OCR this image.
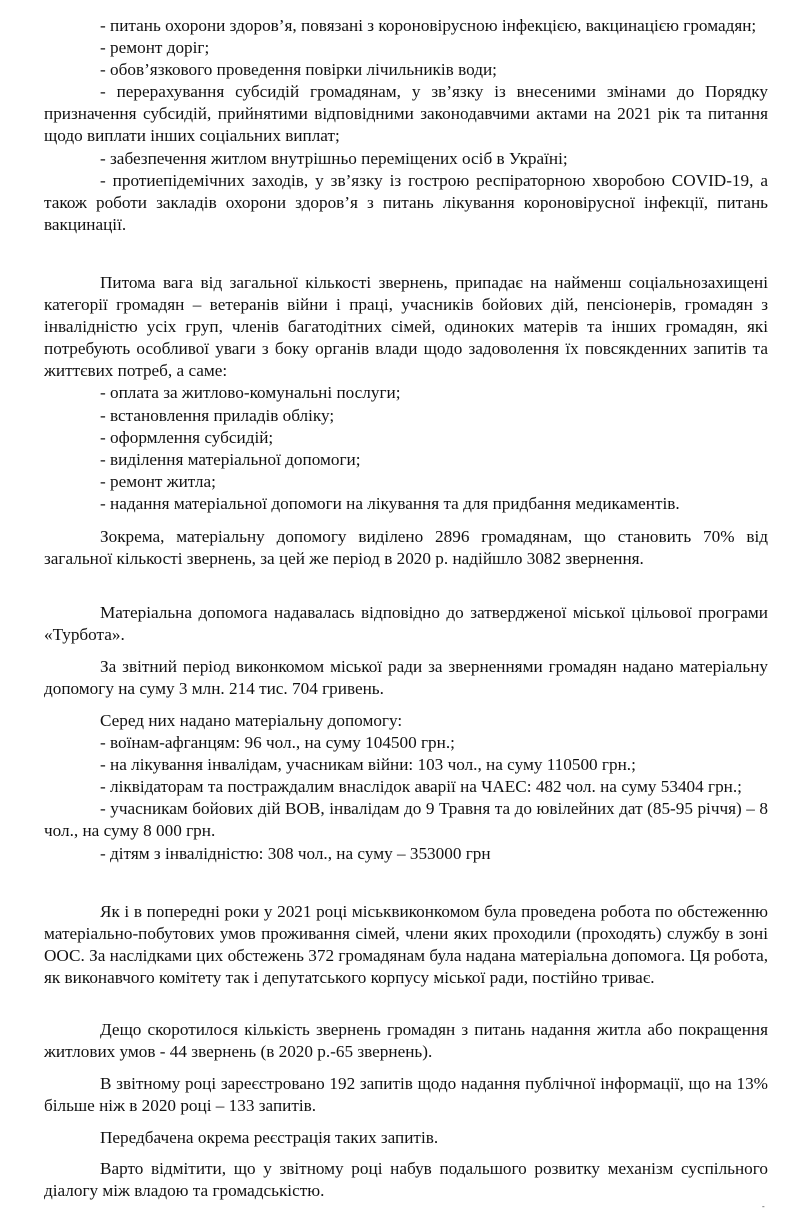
- питань охорони здоров’я, повязані з короновірусною інфекцією, вакцинацією громадян;

- ремонт доріг;

- обов’язкового проведення повірки лічильників води;

- перерахування субсидій громадянам, у зв’язку із внесеними змінами до Порядку призначення субсидій, прийнятими відповідними законодавчими актами на 2021 рік та питання щодо виплати інших соціальних виплат;

- забезпечення житлом внутрішньо переміщених осіб в Україні;

- протиепідемічних заходів, у зв’язку із гострою респіраторною хворобою COVID-19, а також роботи закладів охорони здоров’я з питань лікування короновірусної інфекції, питань вакцинації.

Питома вага від загальної кількості звернень, припадає на найменш соціальнозахищені категорії громадян – ветеранів війни і праці, учасників бойових дій, пенсіонерів, громадян з інвалідністю усіх груп, членів багатодітних сімей, одиноких матерів та інших громадян, які потребують особливої уваги з боку органів влади щодо задоволення їх повсякденних запитів та життєвих потреб, а саме:

- оплата за житлово-комунальні послуги;

- встановлення приладів обліку;

- оформлення субсидій;

- виділення матеріальної допомоги;

- ремонт житла;

- надання матеріальної допомоги на лікування та для придбання медикаментів.

Зокрема, матеріальну допомогу виділено 2896 громадянам, що становить 70% від загальної кількості звернень, за цей же період в 2020 р. надійшло 3082 звернення.

Матеріальна допомога надавалась відповідно до затвердженої міської цільової програми «Турбота».

За звітний період виконкомом міської ради за зверненнями громадян надано матеріальну допомогу на суму 3 млн. 214 тис. 704 гривень.

Серед них надано матеріальну допомогу:

- воїнам-афганцям: 96 чол., на суму 104500 грн.;

- на лікування інвалідам, учасникам війни: 103 чол., на суму 110500 грн.;

- ліквідаторам та постраждалим внаслідок аварії на ЧАЕС: 482 чол. на суму 53404 грн.;

- учасникам бойових дій ВОВ, інвалідам до 9 Травня та до ювілейних дат (85-95 річчя) – 8 чол., на суму 8 000 грн.

- дітям з інвалідністю: 308 чол., на суму – 353000 грн

Як і в попередні роки у 2021 році міськвиконкомом була проведена робота по обстеженню матеріально-побутових умов проживання сімей, члени яких проходили (проходять) службу в зоні ООС. За наслідками цих обстежень 372 громадянам була надана матеріальна допомога. Ця робота, як виконавчого комітету так і депутатського корпусу міської ради, постійно триває.

Дещо скоротилося кількість звернень громадян з питань надання житла або покращення житлових умов - 44 звернень (в 2020 р.-65 звернень).

В звітному році зареєстровано 192 запитів щодо надання публічної інформації, що на 13% більше ніж в 2020 році – 133 запитів.

Передбачена окрема реєстрація таких запитів.

Варто відмітити, що у звітному році набув подальшого розвитку механізм суспільного діалогу між владою та громадськістю.

-
